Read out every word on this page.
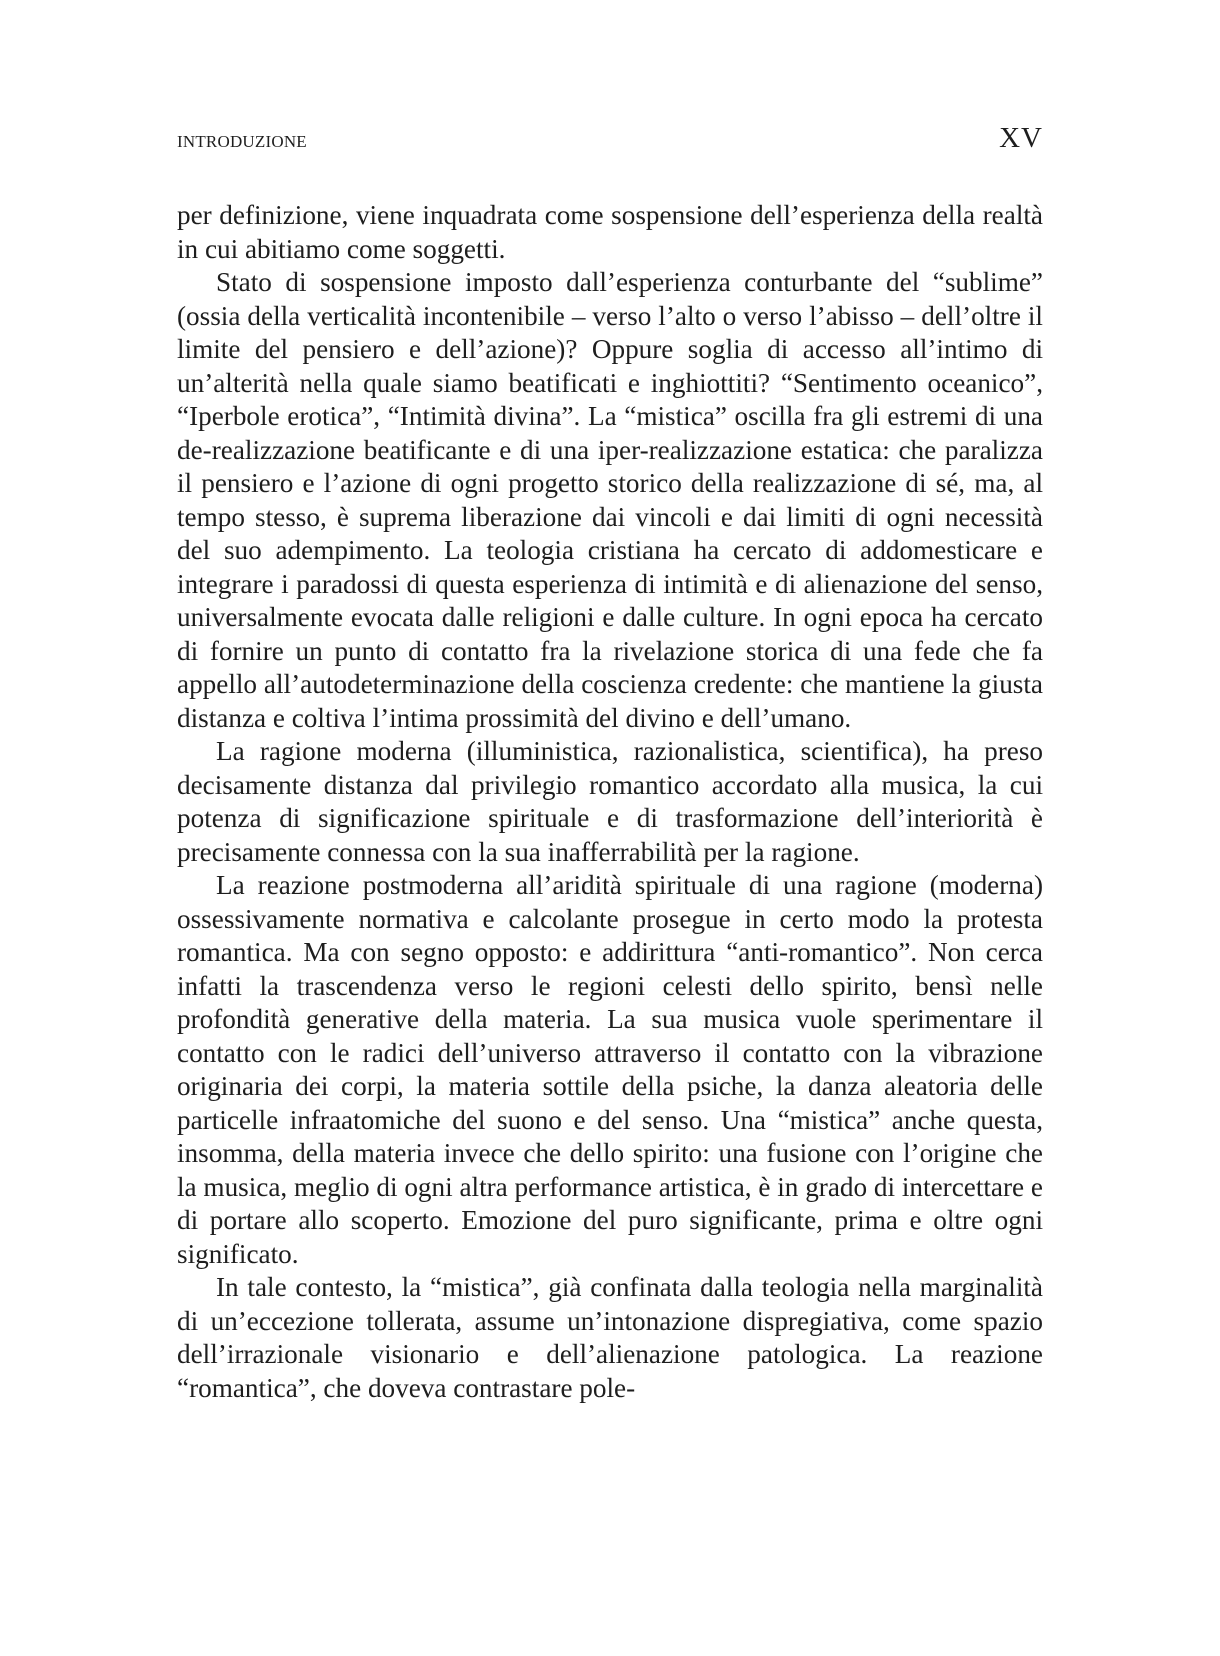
INTRODUZIONE	XV

per definizione, viene inquadrata come sospensione dell’esperienza della realtà in cui abitiamo come soggetti.

Stato di sospensione imposto dall’esperienza conturbante del “sublime” (ossia della verticalità incontenibile – verso l’alto o verso l’abisso – dell’oltre il limite del pensiero e dell’azione)? Oppure soglia di accesso all’intimo di un’alterità nella quale siamo beatificati e inghiottiti? “Sentimento oceanico”, “Iperbole erotica”, “Intimità divina”. La “mistica” oscilla fra gli estremi di una de-realizzazione beatificante e di una iper-realizzazione estatica: che paralizza il pensiero e l’azione di ogni progetto storico della realizzazione di sé, ma, al tempo stesso, è suprema liberazione dai vincoli e dai limiti di ogni necessità del suo adempimento. La teologia cristiana ha cercato di addomesticare e integrare i paradossi di questa esperienza di intimità e di alienazione del senso, universalmente evocata dalle religioni e dalle culture. In ogni epoca ha cercato di fornire un punto di contatto fra la rivelazione storica di una fede che fa appello all’autodeterminazione della coscienza credente: che mantiene la giusta distanza e coltiva l’intima prossimità del divino e dell’umano.

La ragione moderna (illuministica, razionalistica, scientifica), ha preso decisamente distanza dal privilegio romantico accordato alla musica, la cui potenza di significazione spirituale e di trasformazione dell’interiorità è precisamente connessa con la sua inafferrabilità per la ragione.

La reazione postmoderna all’aridità spirituale di una ragione (moderna) ossessivamente normativa e calcolante prosegue in certo modo la protesta romantica. Ma con segno opposto: e addirittura “anti-romantico”. Non cerca infatti la trascendenza verso le regioni celesti dello spirito, bensì nelle profondità generative della materia. La sua musica vuole sperimentare il contatto con le radici dell’universo attraverso il contatto con la vibrazione originaria dei corpi, la materia sottile della psiche, la danza aleatoria delle particelle infraatomiche del suono e del senso. Una “mistica” anche questa, insomma, della materia invece che dello spirito: una fusione con l’origine che la musica, meglio di ogni altra performance artistica, è in grado di intercettare e di portare allo scoperto. Emozione del puro significante, prima e oltre ogni significato.

In tale contesto, la “mistica”, già confinata dalla teologia nella marginalità di un’eccezione tollerata, assume un’intonazione dispregiativa, come spazio dell’irrazionale visionario e dell’alienazione patologica. La reazione “romantica”, che doveva contrastare pole-
